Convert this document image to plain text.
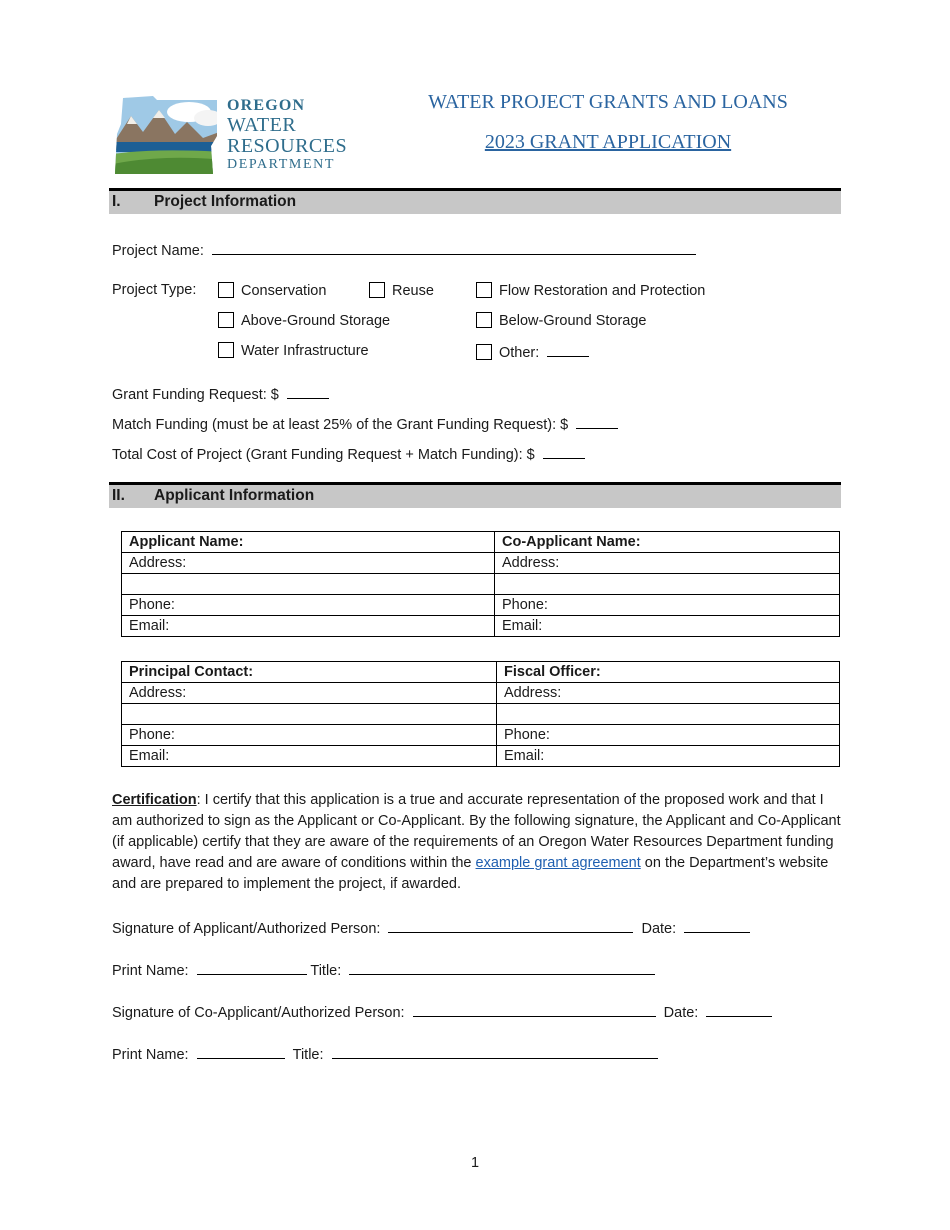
OREGON
WATER
RESOURCES
DEPARTMENT
WATER PROJECT GRANTS AND LOANS
2023 GRANT APPLICATION
I. Project Information
Project Name:
Project Type:	Conservation	Reuse	Flow Restoration and Protection
Above-Ground Storage	Below-Ground Storage
Water Infrastructure	Other:
Grant Funding Request: $
Match Funding (must be at least 25% of the Grant Funding Request): $
Total Cost of Project (Grant Funding Request + Match Funding): $
II. Applicant Information
Applicant Name:	Co-Applicant Name:
Address:	Address:

Phone:	Phone:
Email:	Email:
Principal Contact:	Fiscal Officer:
Address:	Address:

Phone:	Phone:
Email:	Email:
Certification: I certify that this application is a true and accurate representation of the proposed work and that I am authorized to sign as the Applicant or Co-Applicant. By the following signature, the Applicant and Co-Applicant (if applicable) certify that they are aware of the requirements of an Oregon Water Resources Department funding award, have read and are aware of conditions within the example grant agreement on the Department’s website and are prepared to implement the project, if awarded.
Signature of Applicant/Authorized Person:	Date:
Print Name:	Title:
Signature of Co-Applicant/Authorized Person:	Date:
Print Name:	Title:
1
